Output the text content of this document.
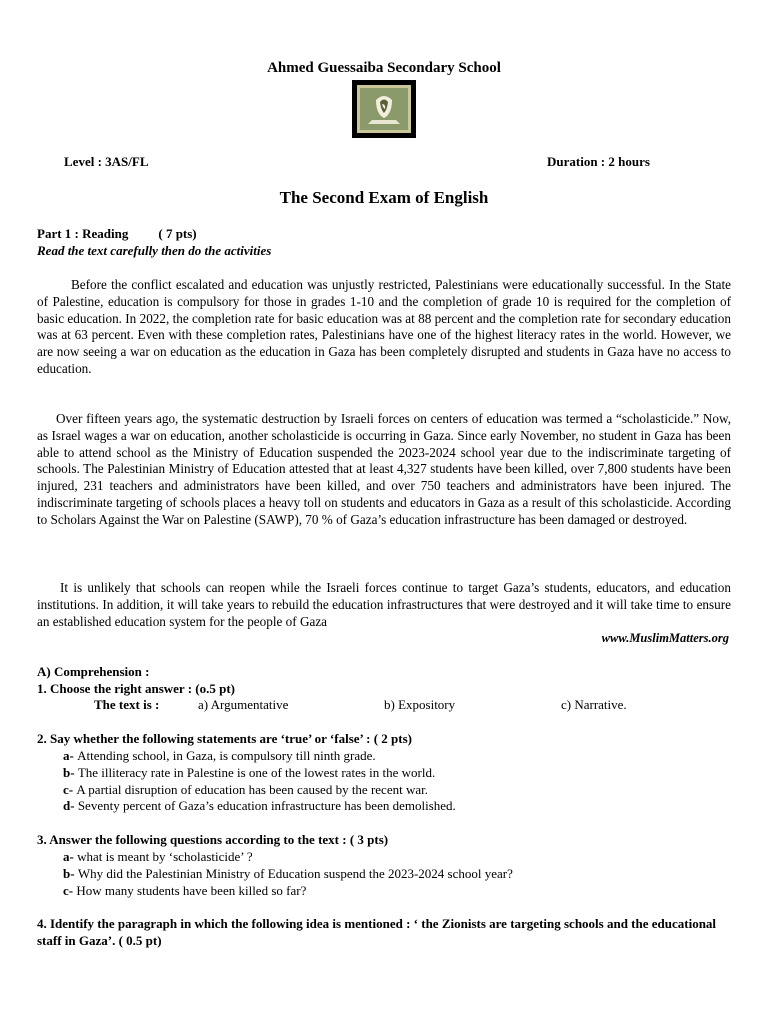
Ahmed Guessaiba Secondary School
Level : 3AS/FL	Duration : 2 hours
The Second Exam of English
Part 1 : Reading ( 7 pts)
Read the text carefully then do the activities

Before the conflict escalated and education was unjustly restricted, Palestinians were educationally successful. In the State of Palestine, education is compulsory for those in grades 1-10 and the completion of grade 10 is required for the completion of basic education. In 2022, the completion rate for basic education was at 88 percent and the completion rate for secondary education was at 63 percent. Even with these completion rates, Palestinians have one of the highest literacy rates in the world. However, we are now seeing a war on education as the education in Gaza has been completely disrupted and students in Gaza have no access to education.

Over fifteen years ago, the systematic destruction by Israeli forces on centers of education was termed a “scholasticide.” Now, as Israel wages a war on education, another scholasticide is occurring in Gaza. Since early November, no student in Gaza has been able to attend school as the Ministry of Education suspended the 2023-2024 school year due to the indiscriminate targeting of schools. The Palestinian Ministry of Education attested that at least 4,327 students have been killed, over 7,800 students have been injured, 231 teachers and administrators have been killed, and over 750 teachers and administrators have been injured. The indiscriminate targeting of schools places a heavy toll on students and educators in Gaza as a result of this scholasticide. According to Scholars Against the War on Palestine (SAWP), 70 % of Gaza’s education infrastructure has been damaged or destroyed.

It is unlikely that schools can reopen while the Israeli forces continue to target Gaza’s students, educators, and education institutions. In addition, it will take years to rebuild the education infrastructures that were destroyed and it will take time to ensure an established education system for the people of Gaza

www.MuslimMatters.org

A) Comprehension :

1. Choose the right answer : (o.5 pt)

The text is :	a) Argumentative	b) Expository	c) Narrative.

2. Say whether the following statements are ‘true’ or ‘false’ : ( 2 pts)

a- Attending school, in Gaza, is compulsory till ninth grade.
b- The illiteracy rate in Palestine is one of the lowest rates in the world.
c- A partial disruption of education has been caused by the recent war.
d- Seventy percent of Gaza’s education infrastructure has been demolished.

3. Answer the following questions according to the text : ( 3 pts)

a- what is meant by ‘scholasticide’ ?
b- Why did the Palestinian Ministry of Education suspend the 2023-2024 school year?
c- How many students have been killed so far?

4. Identify the paragraph in which the following idea is mentioned : ‘ the Zionists are targeting schools and the educational staff in Gaza’. ( 0.5 pt)
